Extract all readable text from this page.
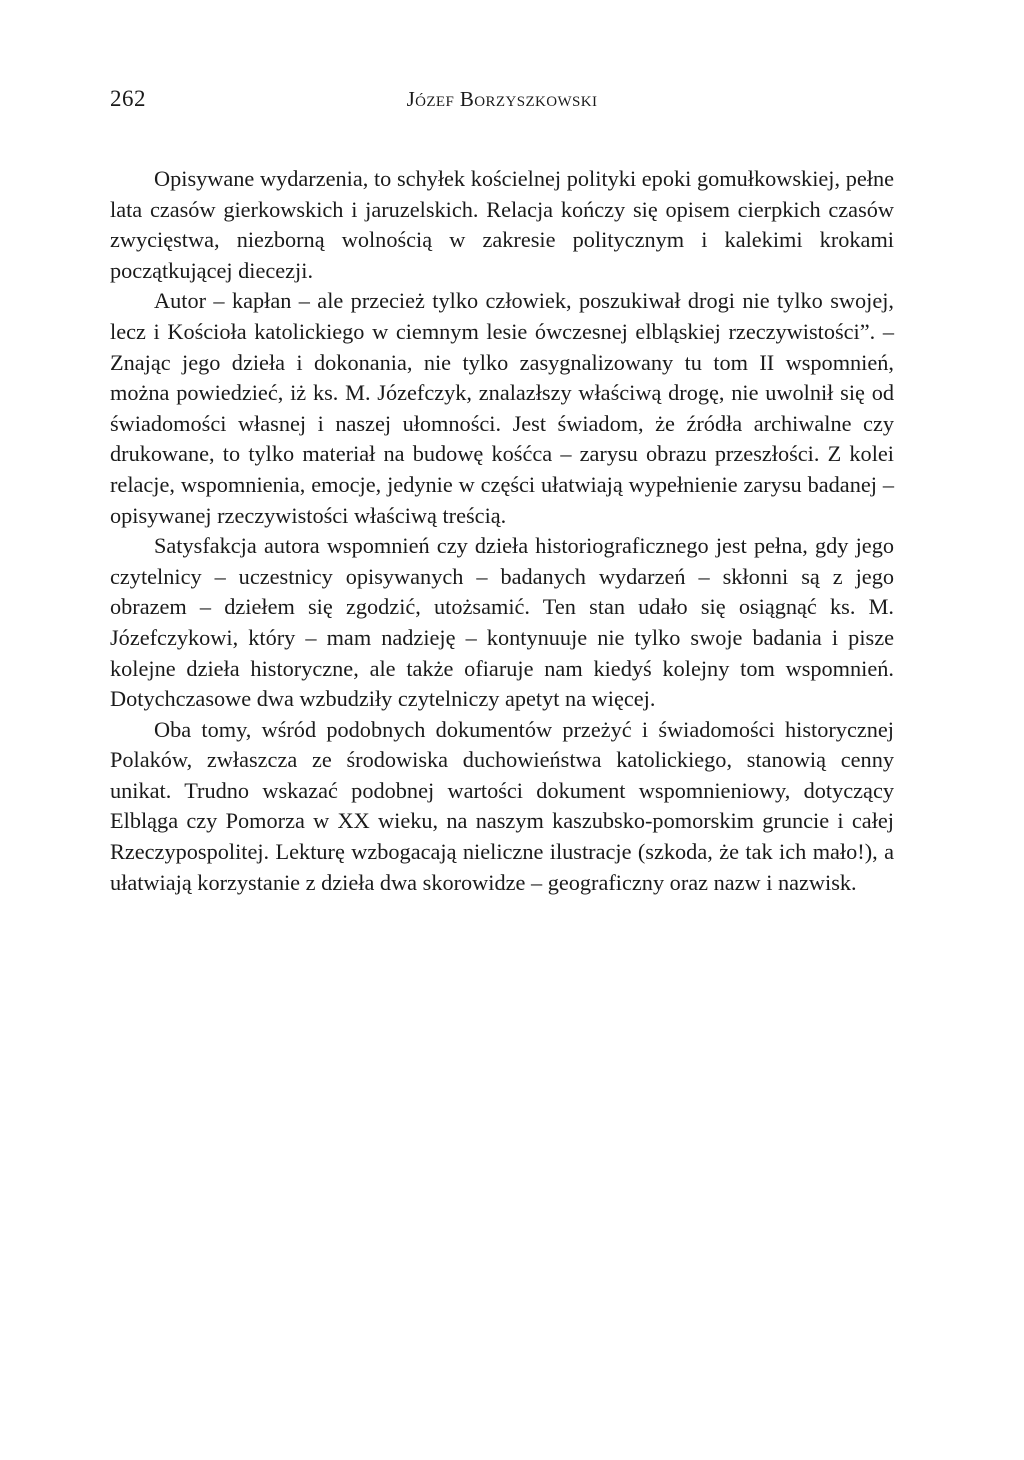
262	Józef Borzyszkowski

Opisywane wydarzenia, to schyłek kościelnej polityki epoki gomułkowskiej, pełne lata czasów gierkowskich i jaruzelskich. Relacja kończy się opisem cierpkich czasów zwycięstwa, niezborną wolnością w zakresie politycznym i kalekimi krokami początkującej diecezji.

Autor – kapłan – ale przecież tylko człowiek, poszukiwał drogi nie tylko swojej, lecz i Kościoła katolickiego w ciemnym lesie ówczesnej elbląskiej rzeczywistości”. – Znając jego dzieła i dokonania, nie tylko zasygnalizowany tu tom II wspomnień, można powiedzieć, iż ks. M. Józefczyk, znalazłszy właściwą drogę, nie uwolnił się od świadomości własnej i naszej ułomności. Jest świadom, że źródła archiwalne czy drukowane, to tylko materiał na budowę kośćca – zarysu obrazu przeszłości. Z kolei relacje, wspomnienia, emocje, jedynie w części ułatwiają wypełnienie zarysu badanej – opisywanej rzeczywistości właściwą treścią.

Satysfakcja autora wspomnień czy dzieła historiograficznego jest pełna, gdy jego czytelnicy – uczestnicy opisywanych – badanych wydarzeń – skłonni są z jego obrazem – dziełem się zgodzić, utożsamić. Ten stan udało się osiągnąć ks. M. Józefczykowi, który – mam nadzieję – kontynuuje nie tylko swoje badania i pisze kolejne dzieła historyczne, ale także ofiaruje nam kiedyś kolejny tom wspomnień. Dotychczasowe dwa wzbudziły czytelniczy apetyt na więcej.

Oba tomy, wśród podobnych dokumentów przeżyć i świadomości historycznej Polaków, zwłaszcza ze środowiska duchowieństwa katolickiego, stanowią cenny unikat. Trudno wskazać podobnej wartości dokument wspomnieniowy, dotyczący Elbląga czy Pomorza w XX wieku, na naszym kaszubsko-pomorskim gruncie i całej Rzeczypospolitej. Lekturę wzbogacają nieliczne ilustracje (szkoda, że tak ich mało!), a ułatwiają korzystanie z dzieła dwa skorowidze – geograficzny oraz nazw i nazwisk.
